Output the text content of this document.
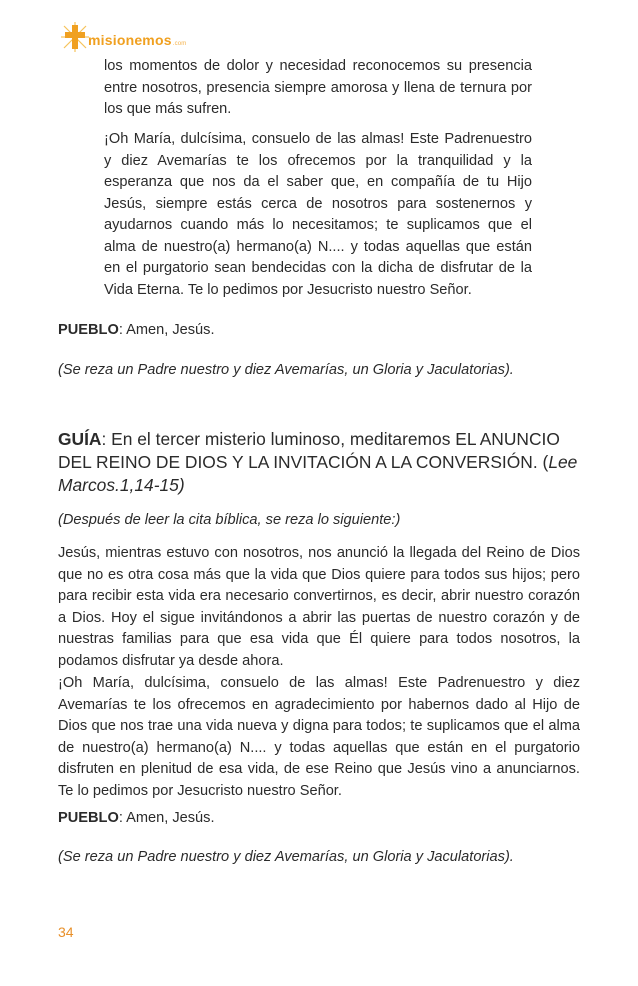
misionemos.com

los momentos de dolor y necesidad reconocemos su presencia entre nosotros, presencia siempre amorosa y llena de ternura por los que más sufren.

¡Oh María, dulcísima, consuelo de las almas! Este Padrenuestro y diez Avemarías te los ofrecemos por la tranquilidad y la esperanza que nos da el saber que, en compañía de tu Hijo Jesús, siempre estás cerca de nosotros para sostenernos y ayudarnos cuando más lo necesitamos; te suplicamos que el alma de nuestro(a) hermano(a) N.... y todas aquellas que están en el purgatorio sean bendecidas con la dicha de disfrutar de la Vida Eterna. Te lo pedimos por Jesucristo nuestro Señor.

PUEBLO: Amen, Jesús.

(Se reza un Padre nuestro y diez Avemarías, un Gloria y Jaculatorias).

GUÍA: En el tercer misterio luminoso, meditaremos EL ANUNCIO DEL REINO DE DIOS Y LA INVITACIÓN A LA CONVERSIÓN. (Lee Marcos.1,14-15)

(Después de leer la cita bíblica, se reza lo siguiente:)

Jesús, mientras estuvo con nosotros, nos anunció la llegada del Reino de Dios que no es otra cosa más que la vida que Dios quiere para todos sus hijos; pero para recibir esta vida era necesario convertirnos, es decir, abrir nuestro corazón a Dios. Hoy el sigue invitándonos a abrir las puertas de nuestro corazón y de nuestras familias para que esa vida que Él quiere para todos nosotros, la podamos disfrutar ya desde ahora.

¡Oh María, dulcísima, consuelo de las almas! Este Padrenuestro y diez Avemarías te los ofrecemos en agradecimiento por habernos dado al Hijo de Dios que nos trae una vida nueva y digna para todos; te suplicamos que el alma de nuestro(a) hermano(a) N.... y todas aquellas que están en el purgatorio disfruten en plenitud de esa vida, de ese Reino que Jesús vino a anunciarnos. Te lo pedimos por Jesucristo nuestro Señor.

PUEBLO: Amen, Jesús.

(Se reza un Padre nuestro y diez Avemarías, un Gloria y Jaculatorias).

34
